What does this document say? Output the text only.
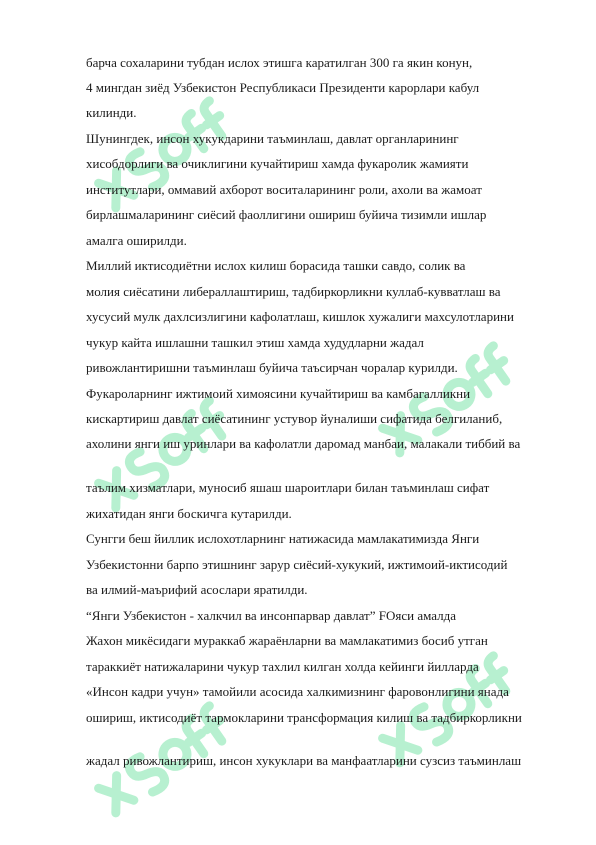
барча сохаларини тубдан ислох этишга каратилган 300 га якин конун,
4 мингдан зиёд Узбекистон Республикаси Президенти карорлари кабул
килинди.
Шунингдек, инсон хукукдарини таъминлаш, давлат органларининг
хисобдорлиги ва очиклигини кучайтириш хамда фукаролик жамияти
институтлари, оммавий ахборот воситаларининг роли, ахоли ва жамоат
бирлашмаларининг сиёсий фаоллигини ошириш буйича тизимли ишлар
амалга оширилди.
Миллий иктисодиётни ислох килиш борасида ташки савдо, солик ва
молия сиёсатини либераллаштириш, тадбиркорликни куллаб-кувватлаш ва
хусусий мулк дахлсизлигини кафолатлаш, кишлок хужалиги махсулотларини
чукур кайта ишлашни ташкил этиш хамда худудларни жадал
ривожлантиришни таъминлаш буйича таъсирчан чоралар курилди.
Фукароларнинг ижтимоий химоясини кучайтириш ва камбагалликни
кискартириш давлат сиёсатининг устувор йуналиши сифатида белгиланиб,
ахолини янги иш уринлари ва кафолатли даромад манбаи, малакали тиббий ва
таълим хизматлари, муносиб яшаш шароитлари билан таъминлаш сифат
жихатидан янги боскичга кутарилди.
Сунгги беш йиллик ислохотларнинг натижасида мамлакатимизда Янги
Узбекистонни барпо этишнинг зарур сиёсий-хукукий, ижтимоий-иктисодий
ва илмий-маърифий асослари яратилди.
“Янги Узбекистон - халкчил ва инсонпарвар давлат” FОяси амалда
Жахон микёсидаги мураккаб жараёнларни ва мамлакатимиз босиб утган
тараккиёт натижаларини чукур тахлил килган холда кейинги йилларда
«Инсон кадри учун» тамойили асосида халкимизнинг фаровонлигини янада
ошириш, иктисодиёт тармокларини трансформация килиш ва тадбиркорликни
жадал ривожлантириш, инсон хукуклари ва манфаатларини сузсиз таъминлаш
